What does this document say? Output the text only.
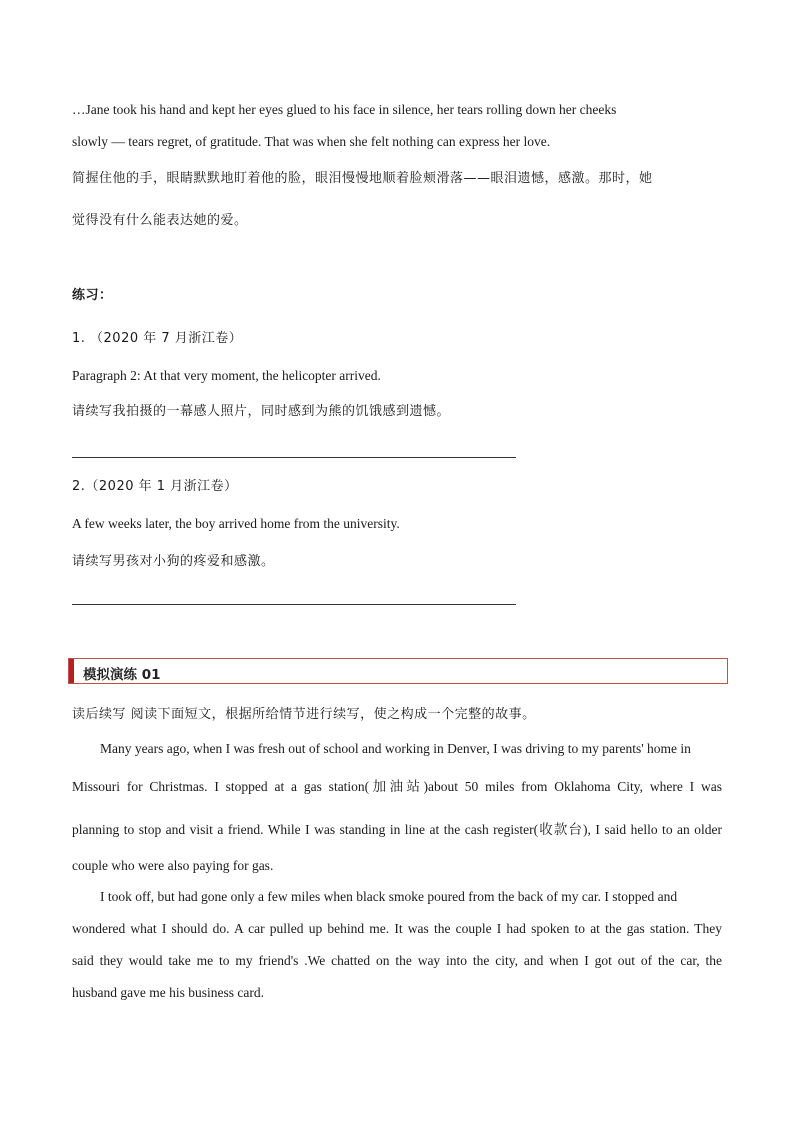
…Jane took his hand and kept her eyes glued to his face in silence, her tears rolling down her cheeks
slowly — tears regret, of gratitude. That was when she felt nothing can express her love.
简握住他的手，眼睛默默地盯着他的脸，眼泪慢慢地顺着脸颊滑落——眼泪遗憾，感激。那时，她
觉得没有什么能表达她的爱。
练习：
1. （2020 年 7 月浙江卷）
Paragraph 2: At that very moment, the helicopter arrived.
请续写我拍摄的一幕感人照片，同时感到为熊的饥饿感到遗憾。
2.（2020 年 1 月浙江卷）
A few weeks later, the boy arrived home from the university.
请续写男孩对小狗的疼爱和感激。
模拟演练 01
读后续写 阅读下面短文，根据所给情节进行续写，使之构成一个完整的故事。
Many years ago, when I was fresh out of school and working in Denver, I was driving to my parents' home in
Missouri for Christmas. I stopped at a gas station(加油站)about 50 miles from Oklahoma City, where I was
planning to stop and visit a friend. While I was standing in line at the cash register(收款台), I said hello to an older
couple who were also paying for gas.
I took off, but had gone only a few miles when black smoke poured from the back of my car. I stopped and
wondered what I should do. A car pulled up behind me. It was the couple I had spoken to at the gas station. They
said they would take me to my friend's .We chatted on the way into the city, and when I got out of the car, the
husband gave me his business card.
